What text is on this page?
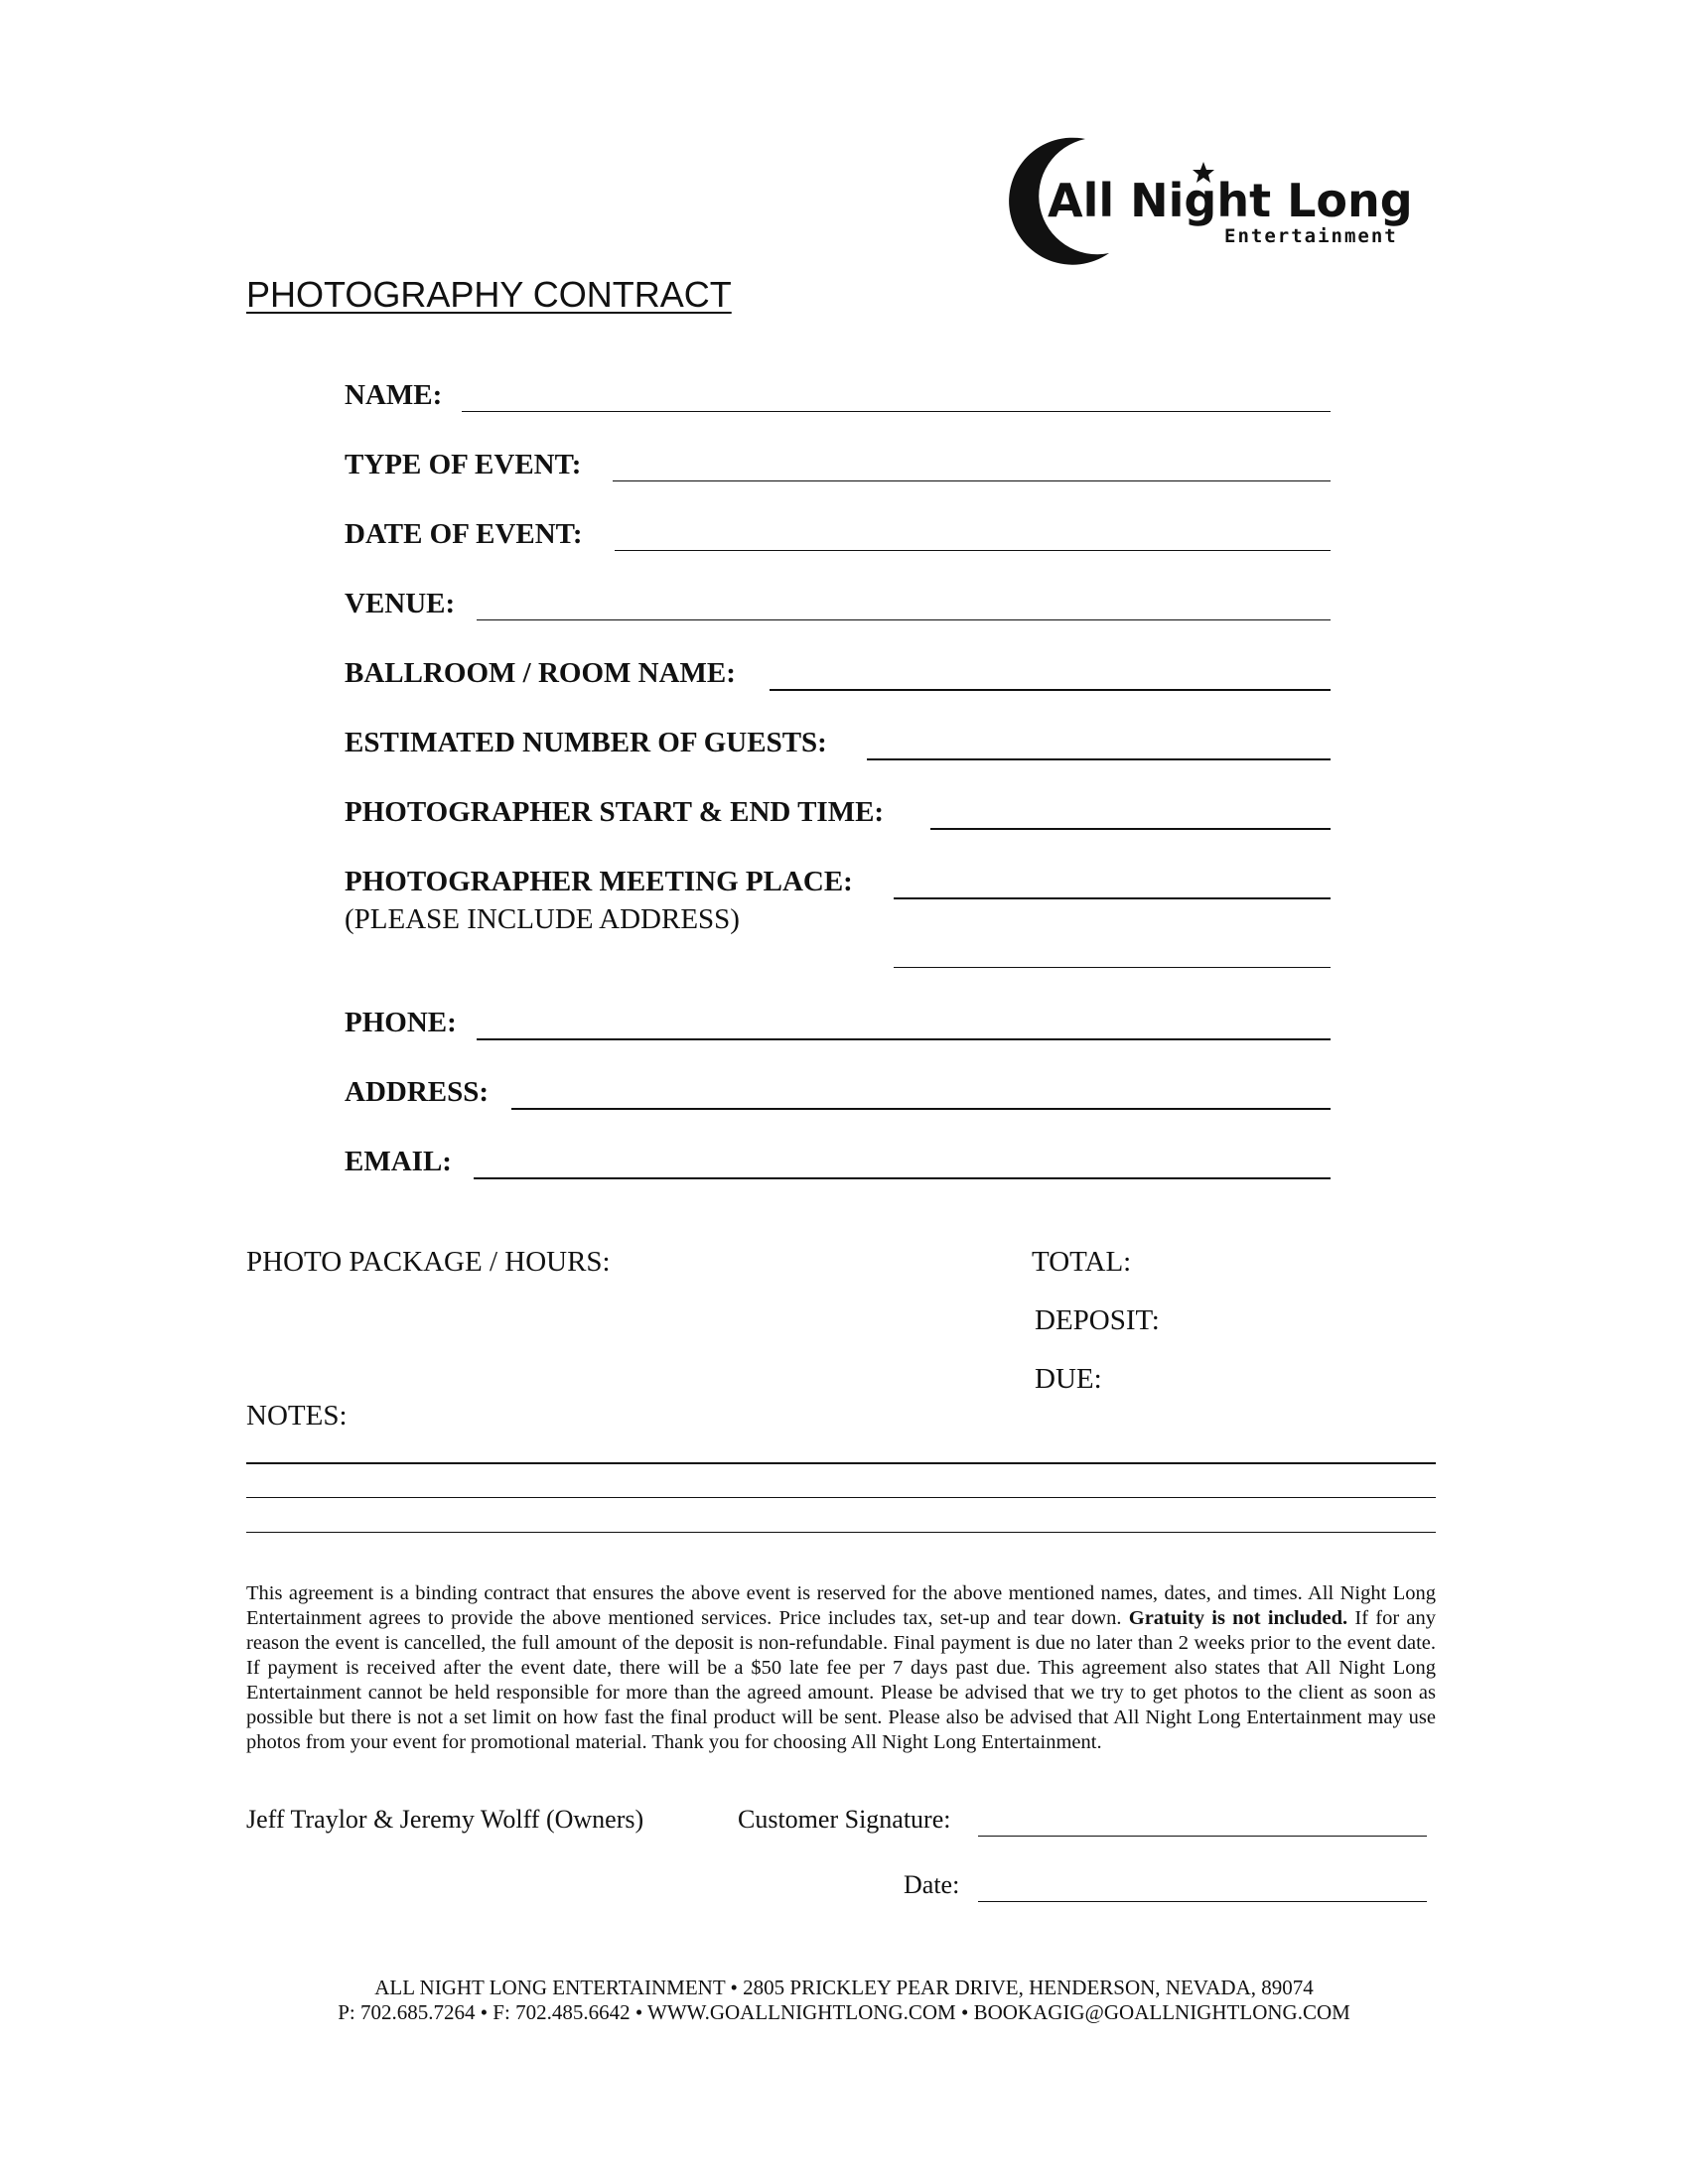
All Night Long
Entertainment
PHOTOGRAPHY CONTRACT
NAME:
TYPE OF EVENT:
DATE OF EVENT:
VENUE:
BALLROOM / ROOM NAME:
ESTIMATED NUMBER OF GUESTS:
PHOTOGRAPHER START & END TIME:
PHOTOGRAPHER MEETING PLACE:
(PLEASE INCLUDE ADDRESS)
PHONE:
ADDRESS:
EMAIL:
PHOTO PACKAGE / HOURS:	TOTAL:
DEPOSIT:
DUE:
NOTES:
This agreement is a binding contract that ensures the above event is reserved for the above mentioned names, dates, and times. All Night Long Entertainment agrees to provide the above mentioned services. Price includes tax, set-up and tear down. Gratuity is not included. If for any reason the event is cancelled, the full amount of the deposit is non-refundable. Final payment is due no later than 2 weeks prior to the event date. If payment is received after the event date, there will be a $50 late fee per 7 days past due. This agreement also states that All Night Long Entertainment cannot be held responsible for more than the agreed amount. Please be advised that we try to get photos to the client as soon as possible but there is not a set limit on how fast the final product will be sent. Please also be advised that All Night Long Entertainment may use photos from your event for promotional material. Thank you for choosing All Night Long Entertainment.
Jeff Traylor & Jeremy Wolff (Owners)	Customer Signature:
Date:
ALL NIGHT LONG ENTERTAINMENT • 2805 PRICKLEY PEAR DRIVE, HENDERSON, NEVADA, 89074
P: 702.685.7264 • F: 702.485.6642 • WWW.GOALLNIGHTLONG.COM • BOOKAGIG@GOALLNIGHTLONG.COM
